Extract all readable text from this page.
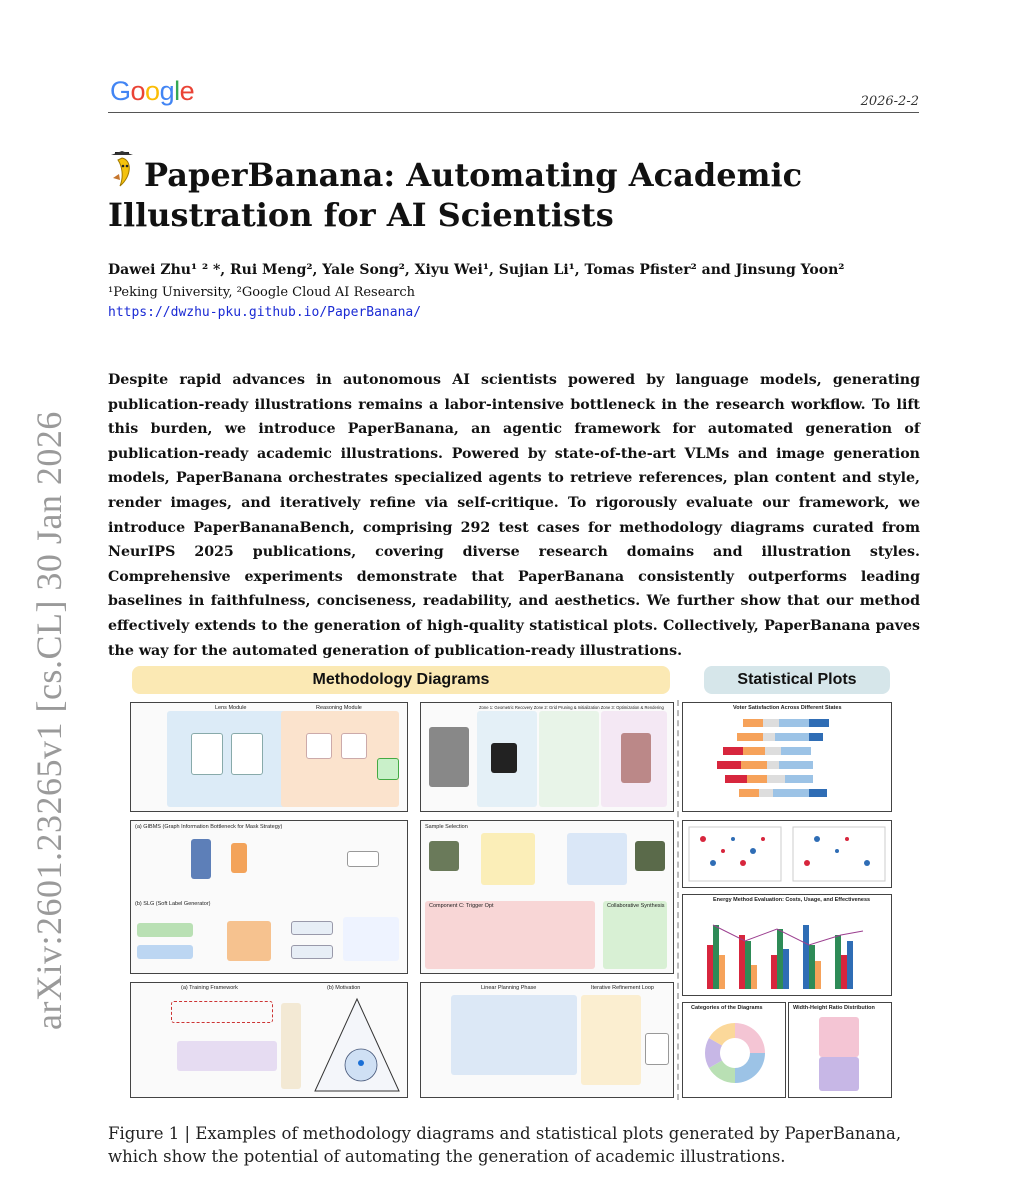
Google	2026-2-2
arXiv:2601.23265v1 [cs.CL] 30 Jan 2026
PaperBanana: Automating Academic Illustration for AI Scientists
Dawei Zhu¹ ² *, Rui Meng², Yale Song², Xiyu Wei¹, Sujian Li¹, Tomas Pfister² and Jinsung Yoon²
¹Peking University, ²Google Cloud AI Research
https://dwzhu-pku.github.io/PaperBanana/
Despite rapid advances in autonomous AI scientists powered by language models, generating publication-ready illustrations remains a labor-intensive bottleneck in the research workflow. To lift this burden, we introduce PaperBanana, an agentic framework for automated generation of publication-ready academic illustrations. Powered by state-of-the-art VLMs and image generation models, PaperBanana orchestrates specialized agents to retrieve references, plan content and style, render images, and iteratively refine via self-critique. To rigorously evaluate our framework, we introduce PaperBananaBench, comprising 292 test cases for methodology diagrams curated from NeurIPS 2025 publications, covering diverse research domains and illustration styles. Comprehensive experiments demonstrate that PaperBanana consistently outperforms leading baselines in faithfulness, conciseness, readability, and aesthetics. We further show that our method effectively extends to the generation of high-quality statistical plots. Collectively, PaperBanana paves the way for the automated generation of publication-ready illustrations.
Methodology Diagrams	Statistical Plots
Lens Module	Reasoning Module	Zone 1: Geometric Recovery Zone 2: Grid Pruning & Initialization Zone 3: Optimization & Rendering
(a) GIBMS (Graph Information Bottleneck for Mask Strategy)
(b) SLG (Soft Label Generator)
Sample Selection
Component C: Trigger Opt	Collaborative Synthesis
(a) Training Framework	(b) Motivation	Linear Planning Phase	Iterative Refinement Loop
Voter Satisfaction Across Different States
Energy Method Evaluation: Costs, Usage, and Effectiveness
Categories of the Diagrams	Width-Height Ratio Distribution
Figure 1 | Examples of methodology diagrams and statistical plots generated by PaperBanana, which show the potential of automating the generation of academic illustrations.
